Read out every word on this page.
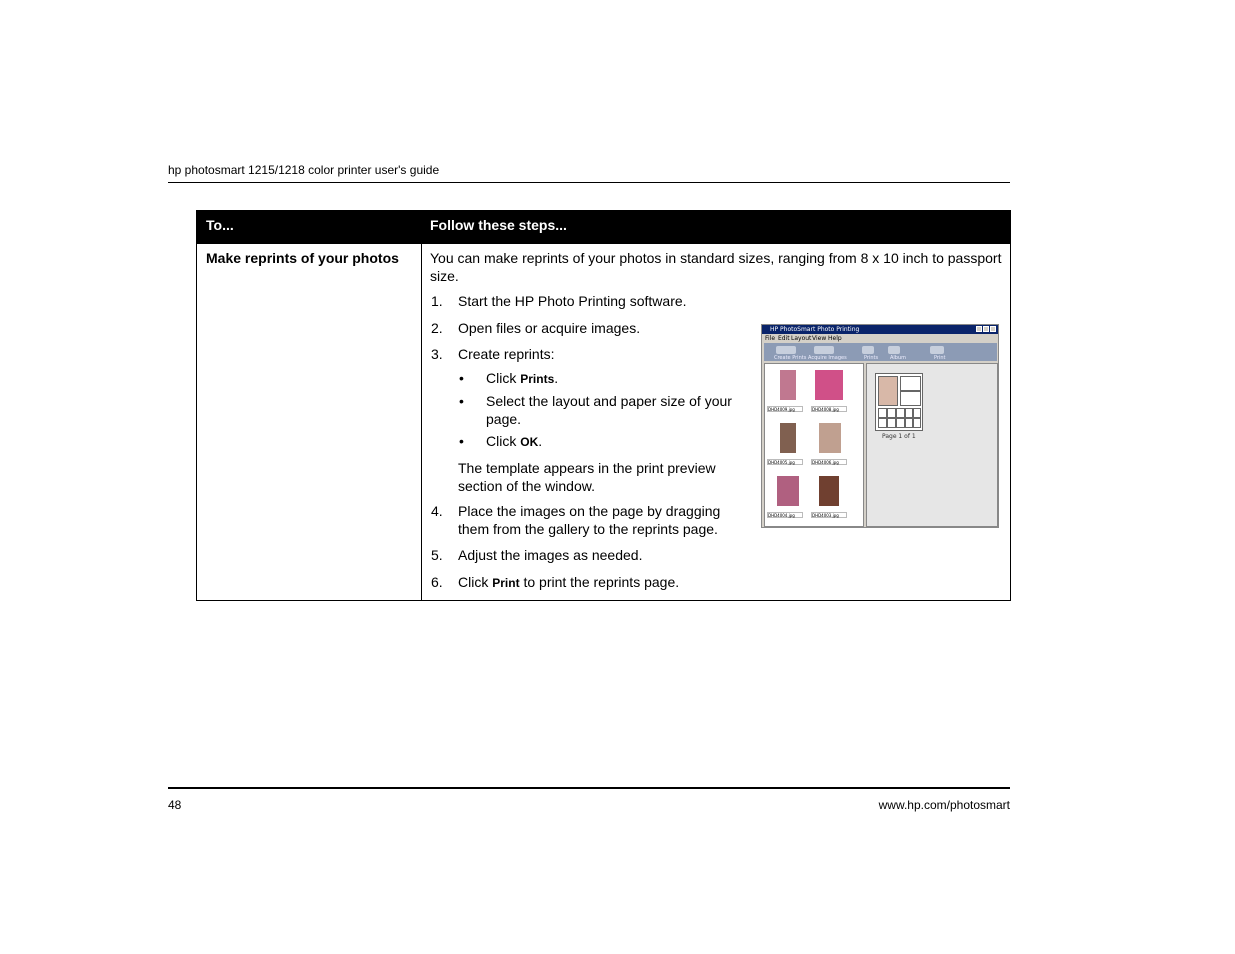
hp photosmart 1215/1218 color printer user's guide
To...	Follow these steps...
Make reprints of your photos	You can make reprints of your photos in standard sizes, ranging from 8 x 10 inch to passport size.
1. Start the HP Photo Printing software.
2. Open files or acquire images.
3. Create reprints:
• Click Prints.
• Select the layout and paper size of your page.
• Click OK.
The template appears in the print preview section of the window.
4. Place the images on the page by dragging them from the gallery to the reprints page.
5. Adjust the images as needed.
6. Click Print to print the reprints page.
HP PhotoSmart Photo Printing
File Edit Layout View Help
Create Prints Acquire Images	Prints Album	Print
DHD4009.jpg	DHD4008.jpg
DHD4005.jpg	DHD4006.jpg
DHD4004.jpg	DHD4003.jpg
Page 1 of 1
48	www.hp.com/photosmart
